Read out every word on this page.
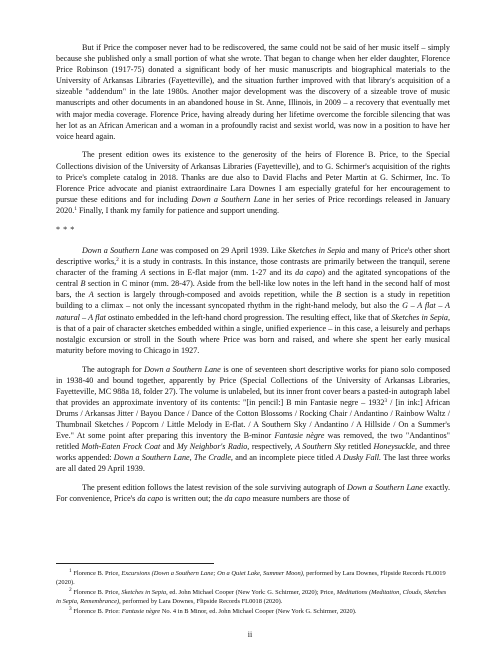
But if Price the composer never had to be rediscovered, the same could not be said of her music itself – simply because she published only a small portion of what she wrote. That began to change when her elder daughter, Florence Price Robinson (1917-75) donated a significant body of her music manuscripts and biographical materials to the University of Arkansas Libraries (Fayetteville), and the situation further improved with that library's acquisition of a sizeable "addendum" in the late 1980s. Another major development was the discovery of a sizeable trove of music manuscripts and other documents in an abandoned house in St. Anne, Illinois, in 2009 – a recovery that eventually met with major media coverage. Florence Price, having already during her lifetime overcome the forcible silencing that was her lot as an African American and a woman in a profoundly racist and sexist world, was now in a position to have her voice heard again.

The present edition owes its existence to the generosity of the heirs of Florence B. Price, to the Special Collections division of the University of Arkansas Libraries (Fayetteville), and to G. Schirmer's acquisition of the rights to Price's complete catalog in 2018. Thanks are due also to David Flachs and Peter Martin at G. Schirmer, Inc. To Florence Price advocate and pianist extraordinaire Lara Downes I am especially grateful for her encouragement to pursue these editions and for including Down a Southern Lane in her series of Price recordings released in January 2020.$^1$ Finally, I thank my family for patience and support unending.

* * *

Down a Southern Lane was composed on 29 April 1939. Like Sketches in Sepia and many of Price's other short descriptive works,$^2$ it is a study in contrasts. In this instance, those contrasts are primarily between the tranquil, serene character of the framing A sections in E-flat major (mm. 1-27 and its da capo) and the agitated syncopations of the central B section in C minor (mm. 28-47). Aside from the bell-like low notes in the left hand in the second half of most bars, the A section is largely through-composed and avoids repetition, while the B section is a study in repetition building to a climax – not only the incessant syncopated rhythm in the right-hand melody, but also the G – A flat – A natural – A flat ostinato embedded in the left-hand chord progression. The resulting effect, like that of Sketches in Sepia, is that of a pair of character sketches embedded within a single, unified experience – in this case, a leisurely and perhaps nostalgic excursion or stroll in the South where Price was born and raised, and where she spent her early musical maturity before moving to Chicago in 1927.

The autograph for Down a Southern Lane is one of seventeen short descriptive works for piano solo composed in 1938-40 and bound together, apparently by Price (Special Collections of the University of Arkansas Libraries, Fayetteville, MC 988a 18, folder 27). The volume is unlabeled, but its inner front cover bears a pasted-in autograph label that provides an approximate inventory of its contents: "[in pencil:] B min Fantasie negre – 1932$^3$ / [in ink:] African Drums / Arkansas Jitter / Bayou Dance / Dance of the Cotton Blossoms / Rocking Chair / Andantino / Rainbow Waltz / Thumbnail Sketches / Popcorn / Little Melody in E-flat. / A Southern Sky / Andantino / A Hillside / On a Summer's Eve." At some point after preparing this inventory the B-minor Fantasie nègre was removed, the two "Andantinos" retitled Moth-Eaten Frock Coat and My Neighbor's Radio, respectively, A Southern Sky retitled Honeysuckle, and three works appended: Down a Southern Lane, The Cradle, and an incomplete piece titled A Dusky Fall. The last three works are all dated 29 April 1939.

The present edition follows the latest revision of the sole surviving autograph of Down a Southern Lane exactly. For convenience, Price's da capo is written out; the da capo measure numbers are those of

$^1$ Florence B. Price, Excursions (Down a Southern Lane; On a Quiet Lake, Summer Moon), performed by Lara Downes, Flipside Records FL0019 (2020).

$^2$ Florence B. Price, Sketches in Sepia, ed. John Michael Cooper (New York: G. Schirmer, 2020); Price, Meditations (Meditation, Clouds, Sketches in Sepia, Remembrance), performed by Lara Downes, Flipside Records FL0018 (2020).

$^3$ Florence B. Price: Fantasie nègre No. 4 in B Minor, ed. John Michael Cooper (New York G. Schirmer, 2020).

ii
